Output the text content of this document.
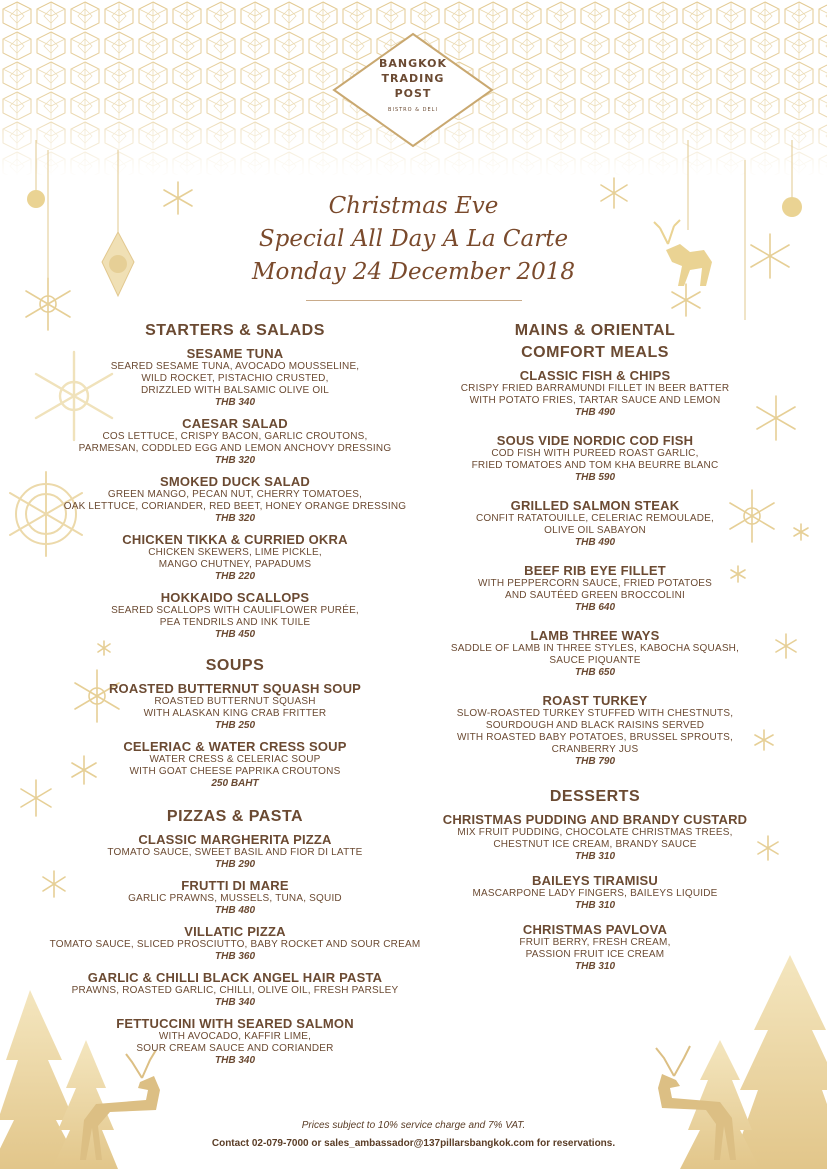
BANGKOK
TRADING
POST
BISTRO & DELI
Christmas Eve
Special All Day A La Carte
Monday 24 December 2018
STARTERS & SALADS
SESAME TUNA
SEARED SESAME TUNA, AVOCADO MOUSSELINE,
WILD ROCKET, PISTACHIO CRUSTED,
DRIZZLED WITH BALSAMIC OLIVE OIL
THB 340
CAESAR SALAD
COS LETTUCE, CRISPY BACON, GARLIC CROUTONS,
PARMESAN, CODDLED EGG AND LEMON ANCHOVY DRESSING
THB 320
SMOKED DUCK SALAD
GREEN MANGO, PECAN NUT, CHERRY TOMATOES,
OAK LETTUCE, CORIANDER, RED BEET, HONEY ORANGE DRESSING
THB 320
CHICKEN TIKKA & CURRIED OKRA
CHICKEN SKEWERS, LIME PICKLE,
MANGO CHUTNEY, PAPADUMS
THB 220
HOKKAIDO SCALLOPS
SEARED SCALLOPS WITH CAULIFLOWER PURÉE,
PEA TENDRILS AND INK TUILE
THB 450
SOUPS
ROASTED BUTTERNUT SQUASH SOUP
ROASTED BUTTERNUT SQUASH
WITH ALASKAN KING CRAB FRITTER
THB 250
CELERIAC & WATER CRESS SOUP
WATER CRESS & CELERIAC SOUP
WITH GOAT CHEESE PAPRIKA CROUTONS
250 BAHT
PIZZAS & PASTA
CLASSIC MARGHERITA PIZZA
TOMATO SAUCE, SWEET BASIL AND FIOR DI LATTE
THB 290
FRUTTI DI MARE
GARLIC PRAWNS, MUSSELS, TUNA, SQUID
THB 480
VILLATIC PIZZA
TOMATO SAUCE, SLICED PROSCIUTTO, BABY ROCKET AND SOUR CREAM
THB 360
GARLIC & CHILLI BLACK ANGEL HAIR PASTA
PRAWNS, ROASTED GARLIC, CHILLI, OLIVE OIL, FRESH PARSLEY
THB 340
FETTUCCINI WITH SEARED SALMON
WITH AVOCADO, KAFFIR LIME,
SOUR CREAM SAUCE AND CORIANDER
THB 340
MAINS & ORIENTAL
COMFORT MEALS
CLASSIC FISH & CHIPS
CRISPY FRIED BARRAMUNDI FILLET IN BEER BATTER
WITH POTATO FRIES, TARTAR SAUCE AND LEMON
THB 490
SOUS VIDE NORDIC COD FISH
COD FISH WITH PUREED ROAST GARLIC,
FRIED TOMATOES AND TOM KHA BEURRE BLANC
THB 590
GRILLED SALMON STEAK
CONFIT RATATOUILLE, CELERIAC REMOULADE,
OLIVE OIL SABAYON
THB 490
BEEF RIB EYE FILLET
WITH PEPPERCORN SAUCE, FRIED POTATOES
AND SAUTÉED GREEN BROCCOLINI
THB 640
LAMB THREE WAYS
SADDLE OF LAMB IN THREE STYLES, KABOCHA SQUASH,
SAUCE PIQUANTE
THB 650
ROAST TURKEY
SLOW-ROASTED TURKEY STUFFED WITH CHESTNUTS,
SOURDOUGH AND BLACK RAISINS SERVED
WITH ROASTED BABY POTATOES, BRUSSEL SPROUTS,
CRANBERRY JUS
THB 790
DESSERTS
CHRISTMAS PUDDING AND BRANDY CUSTARD
MIX FRUIT PUDDING, CHOCOLATE CHRISTMAS TREES,
CHESTNUT ICE CREAM, BRANDY SAUCE
THB 310
BAILEYS TIRAMISU
MASCARPONE LADY FINGERS, BAILEYS LIQUIDE
THB 310
CHRISTMAS PAVLOVA
FRUIT BERRY, FRESH CREAM,
PASSION FRUIT ICE CREAM
THB 310
Prices subject to 10% service charge and 7% VAT.
Contact 02-079-7000 or sales_ambassador@137pillarsbangkok.com for reservations.
